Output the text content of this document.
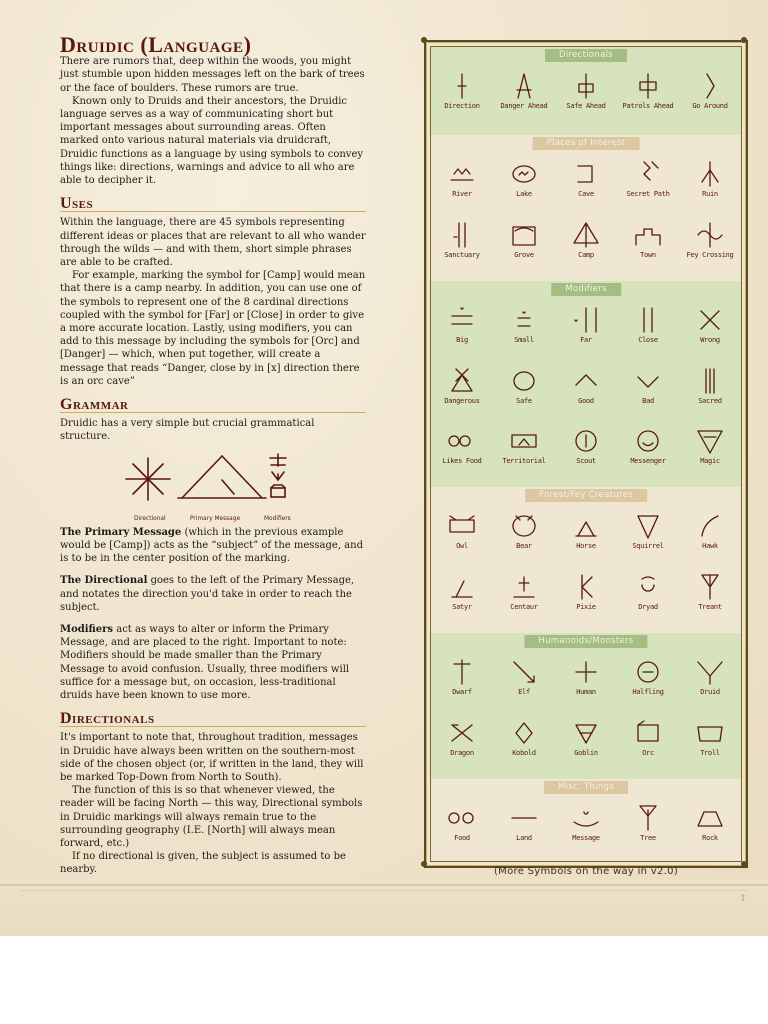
1
Druidic (Language)

There are rumors that, deep within the woods, you might just stumble upon hidden messages left on the bark of trees or the face of boulders. These rumors are true.

Known only to Druids and their ancestors, the Druidic language serves as a way of communicating short but important messages about surrounding areas. Often marked onto various natural materials via druidcraft, Druidic functions as a language by using symbols to convey things like: directions, warnings and advice to all who are able to decipher it.

Uses

Within the language, there are 45 symbols representing different ideas or places that are relevant to all who wander through the wilds — and with them, short simple phrases are able to be crafted.

For example, marking the symbol for [Camp] would mean that there is a camp nearby. In addition, you can use one of the symbols to represent one of the 8 cardinal directions coupled with the symbol for [Far] or [Close] in order to give a more accurate location. Lastly, using modifiers, you can add to this message by including the symbols for [Orc] and [Danger] — which, when put together, will create a message that reads “Danger, close by in [x] direction there is an orc cave”

Grammar

Druidic has a very simple but crucial grammatical structure.

Directional	Primary Message	Modifiers

The Primary Message (which in the previous example would be [Camp]) acts as the “subject” of the message, and is to be in the center position of the marking.

The Directional goes to the left of the Primary Message, and notates the direction you'd take in order to reach the subject.

Modifiers act as ways to alter or inform the Primary Message, and are placed to the right. Important to note: Modifiers should be made smaller than the Primary Message to avoid confusion. Usually, three modifiers will suffice for a message but, on occasion, less-traditional druids have been known to use more.

Directionals

It's important to note that, throughout tradition, messages in Druidic have always been written on the southern-most side of the chosen object (or, if written in the land, they will be marked Top-Down from North to South).

The function of this is so that whenever viewed, the reader will be facing North — this way, Directional symbols in Druidic markings will always remain true to the surrounding geography (I.E. [North] will always mean forward, etc.)

If no directional is given, the subject is assumed to be nearby.

Directionals
Direction	Danger Ahead	Safe Ahead	Patrols Ahead	Go Around
Places of Interest
River	Lake	Cave	Secret Path	Ruin
Sanctuary	Grove	Camp	Town	Fey Crossing
Modifiers
Big	Small	Far	Close	Wrong
Dangerous	Safe	Good	Bad	Sacred
Likes Food	Territorial	Scout	Messenger	Magic
Forest/Fey Creatures
Owl	Bear	Horse	Squirrel	Hawk
Satyr	Centaur	Pixie	Dryad	Treant
Humanoids/Monsters
Dwarf	Elf	Human	Halfling	Druid
Dragon	Kobold	Goblin	Orc	Troll
Misc. Things
Food	Land	Message	Tree	Rock
(More Symbols on the way in v2.0)
